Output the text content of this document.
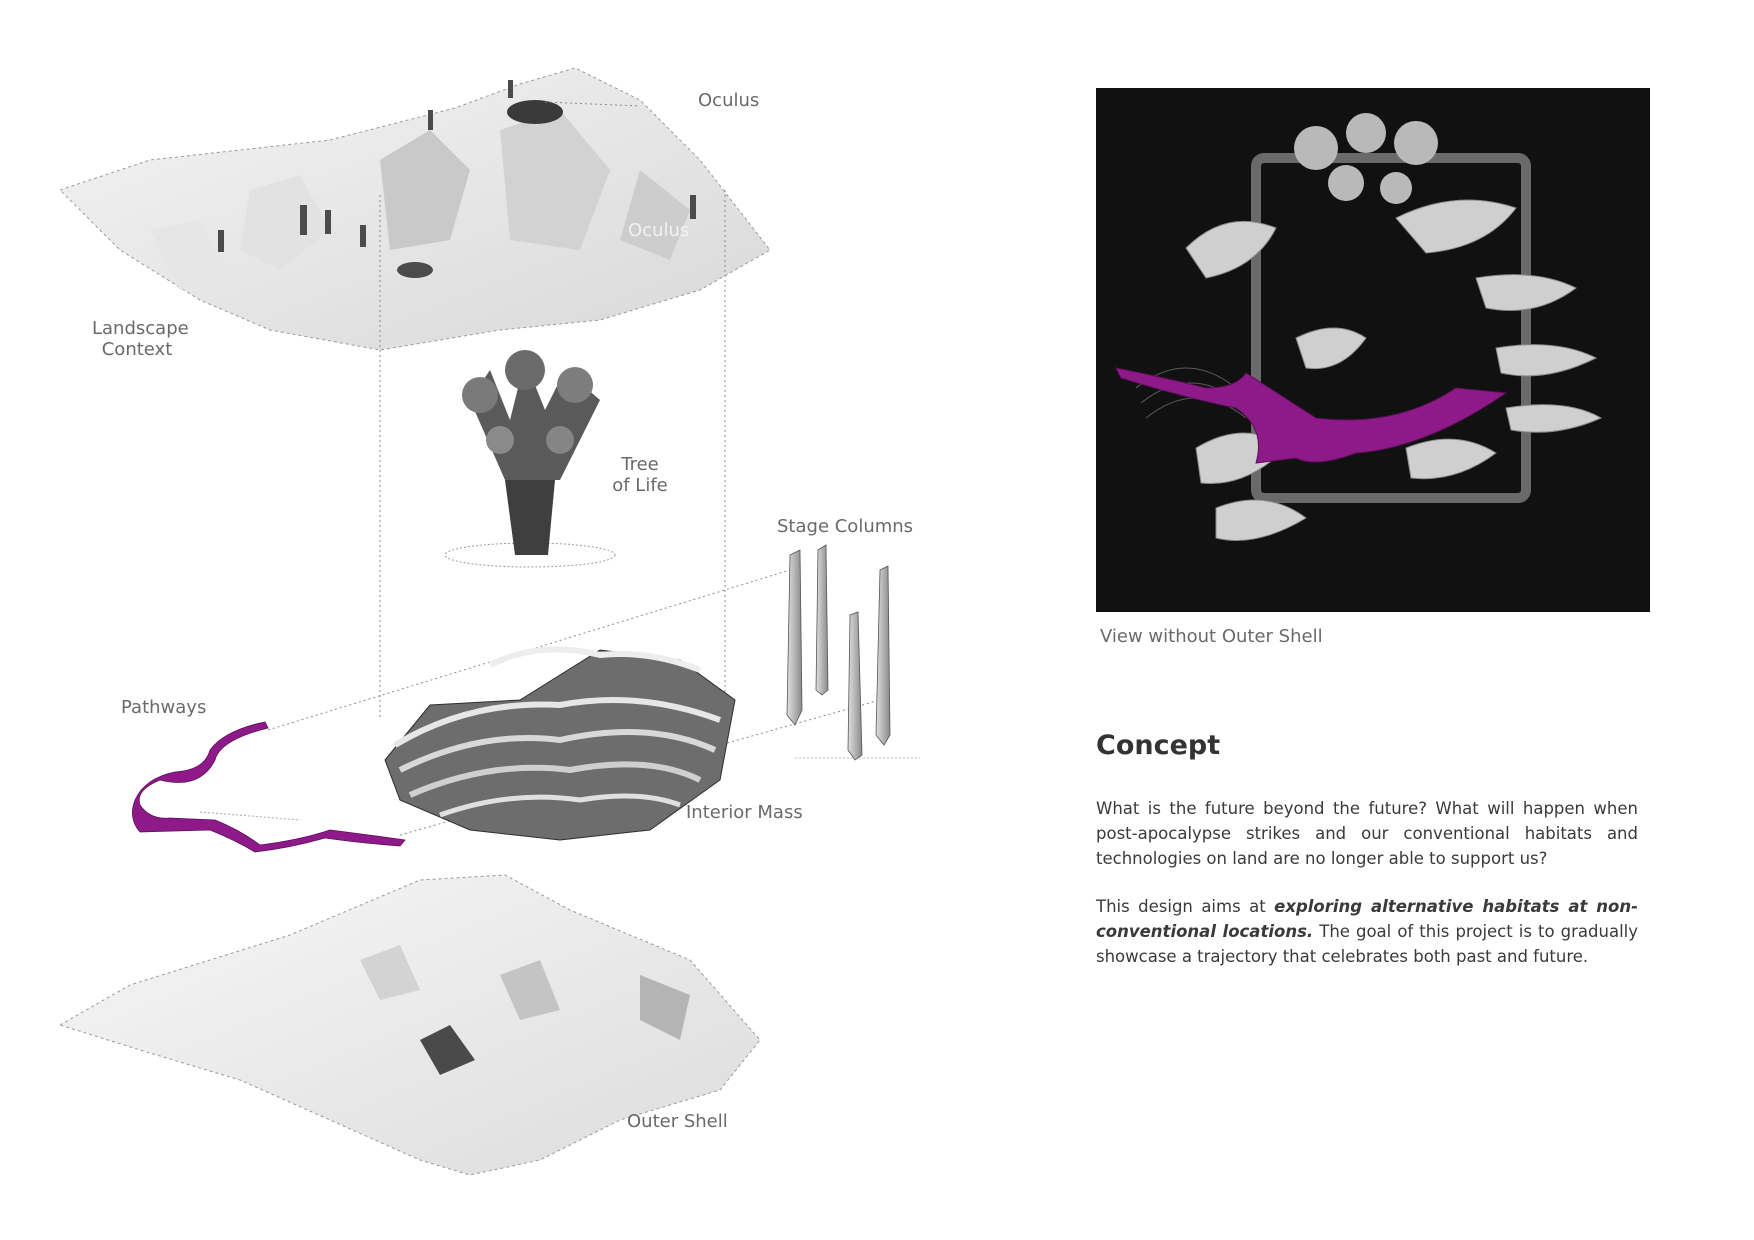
Oculus
Oculus
Landscape
Context
Tree
of Life
Stage Columns
Pathways
Interior Mass
Outer Shell
View without Outer Shell
Concept

What is the future beyond the future? What will happen when post-apocalypse strikes and our conventional habitats and technologies on land are no longer able to support us?

This design aims at exploring alternative habitats at non-conventional locations. The goal of this project is to gradually showcase a trajectory that celebrates both past and future.
